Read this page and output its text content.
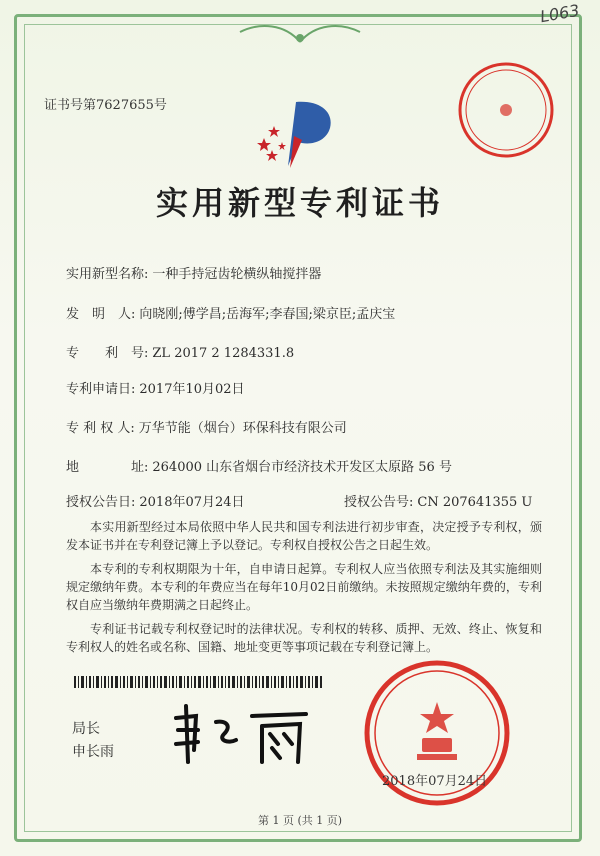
L063
证书号第7627655号
实用新型专利证书
实用新型名称: 一种手持冠齿轮横纵轴搅拌器
发　明　人: 向晓刚;傅学昌;岳海军;李春国;梁京臣;孟庆宝
专　　利　号: ZL 2017 2 1284331.8
专利申请日: 2017年10月02日
专 利 权 人: 万华节能（烟台）环保科技有限公司
地　　　　址: 264000 山东省烟台市经济技术开发区太原路 56 号
授权公告日: 2018年07月24日	授权公告号: CN 207641355 U

本实用新型经过本局依照中华人民共和国专利法进行初步审查，决定授予专利权，颁发本证书并在专利登记簿上予以登记。专利权自授权公告之日起生效。

本专利的专利权期限为十年，自申请日起算。专利权人应当依照专利法及其实施细则规定缴纳年费。本专利的年费应当在每年10月02日前缴纳。未按照规定缴纳年费的，专利权自应当缴纳年费期满之日起终止。

专利证书记载专利权登记时的法律状况。专利权的转移、质押、无效、终止、恢复和专利权人的姓名或名称、国籍、地址变更等事项记载在专利登记簿上。

局长
申长雨
2018年07月24日
第 1 页 (共 1 页)
